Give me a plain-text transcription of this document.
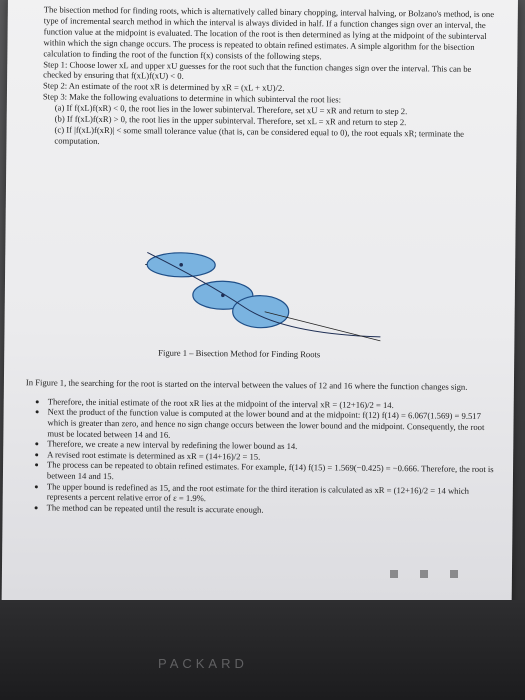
The bisection method for finding roots, which is alternatively called binary chopping, interval halving, or Bolzano's method, is one type of incremental search method in which the interval is always divided in half. If a function changes sign over an interval, the function value at the midpoint is evaluated. The location of the root is then determined as lying at the midpoint of the subinterval within which the sign change occurs. The process is repeated to obtain refined estimates. A simple algorithm for the bisection calculation to finding the root of the function f(x) consists of the following steps.

Step 1: Choose lower xL and upper xU guesses for the root such that the function changes sign over the interval. This can be checked by ensuring that f(xL)f(xU) < 0.

Step 2: An estimate of the root xR is determined by xR = (xL + xU)/2.

Step 3: Make the following evaluations to determine in which subinterval the root lies:

(a) If f(xL)f(xR) < 0, the root lies in the lower subinterval. Therefore, set xU = xR and return to step 2.

(b) If f(xL)f(xR) > 0, the root lies in the upper subinterval. Therefore, set xL = xR and return to step 2.

(c) If |f(xL)f(xR)| < some small tolerance value (that is, can be considered equal to 0), the root equals xR; terminate the computation.

Figure 1 – Bisection Method for Finding Roots

In Figure 1, the searching for the root is started on the interval between the values of 12 and 16 where the function changes sign.

• Therefore, the initial estimate of the root xR lies at the midpoint of the interval xR = (12+16)/2 = 14.
• Next the product of the function value is computed at the lower bound and at the midpoint: f(12) f(14) = 6.067(1.569) = 9.517 which is greater than zero, and hence no sign change occurs between the lower bound and the midpoint. Consequently, the root must be located between 14 and 16.
• Therefore, we create a new interval by redefining the lower bound as 14.
• A revised root estimate is determined as xR = (14+16)/2 = 15.
• The process can be repeated to obtain refined estimates. For example, f(14) f(15) = 1.569(−0.425) = −0.666. Therefore, the root is between 14 and 15.
• The upper bound is redefined as 15, and the root estimate for the third iteration is calculated as xR = (12+16)/2 = 14 which represents a percent relative error of ε = 1.9%.
• The method can be repeated until the result is accurate enough.
PACKARD
